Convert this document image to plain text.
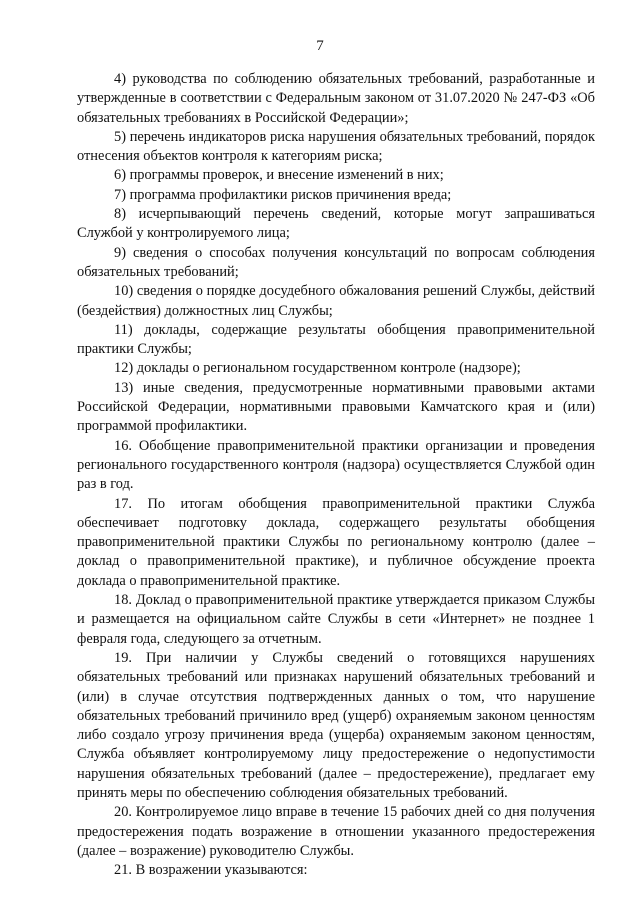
7

4) руководства по соблюдению обязательных требований, разработанные и утвержденные в соответствии с Федеральным законом от 31.07.2020 № 247-ФЗ «Об обязательных требованиях в Российской Федерации»;

5) перечень индикаторов риска нарушения обязательных требований, порядок отнесения объектов контроля к категориям риска;

6) программы проверок, и внесение изменений в них;

7) программа профилактики рисков причинения вреда;

8) исчерпывающий перечень сведений, которые могут запрашиваться Службой у контролируемого лица;

9) сведения о способах получения консультаций по вопросам соблюдения обязательных требований;

10) сведения о порядке досудебного обжалования решений Службы, действий (бездействия) должностных лиц Службы;

11) доклады, содержащие результаты обобщения правоприменительной практики Службы;

12) доклады о региональном государственном контроле (надзоре);

13) иные сведения, предусмотренные нормативными правовыми актами Российской Федерации, нормативными правовыми Камчатского края и (или) программой профилактики.

16. Обобщение правоприменительной практики организации и проведения регионального государственного контроля (надзора) осуществляется Службой один раз в год.

17. По итогам обобщения правоприменительной практики Служба обеспечивает подготовку доклада, содержащего результаты обобщения правоприменительной практики Службы по региональному контролю (далее – доклад о правоприменительной практике), и публичное обсуждение проекта доклада о правоприменительной практике.

18. Доклад о правоприменительной практике утверждается приказом Службы и размещается на официальном сайте Службы в сети «Интернет» не позднее 1 февраля года, следующего за отчетным.

19. При наличии у Службы сведений о готовящихся нарушениях обязательных требований или признаках нарушений обязательных требований и (или) в случае отсутствия подтвержденных данных о том, что нарушение обязательных требований причинило вред (ущерб) охраняемым законом ценностям либо создало угрозу причинения вреда (ущерба) охраняемым законом ценностям, Служба объявляет контролируемому лицу предостережение о недопустимости нарушения обязательных требований (далее – предостережение), предлагает ему принять меры по обеспечению соблюдения обязательных требований.

20. Контролируемое лицо вправе в течение 15 рабочих дней со дня получения предостережения подать возражение в отношении указанного предостережения (далее – возражение) руководителю Службы.

21. В возражении указываются:
